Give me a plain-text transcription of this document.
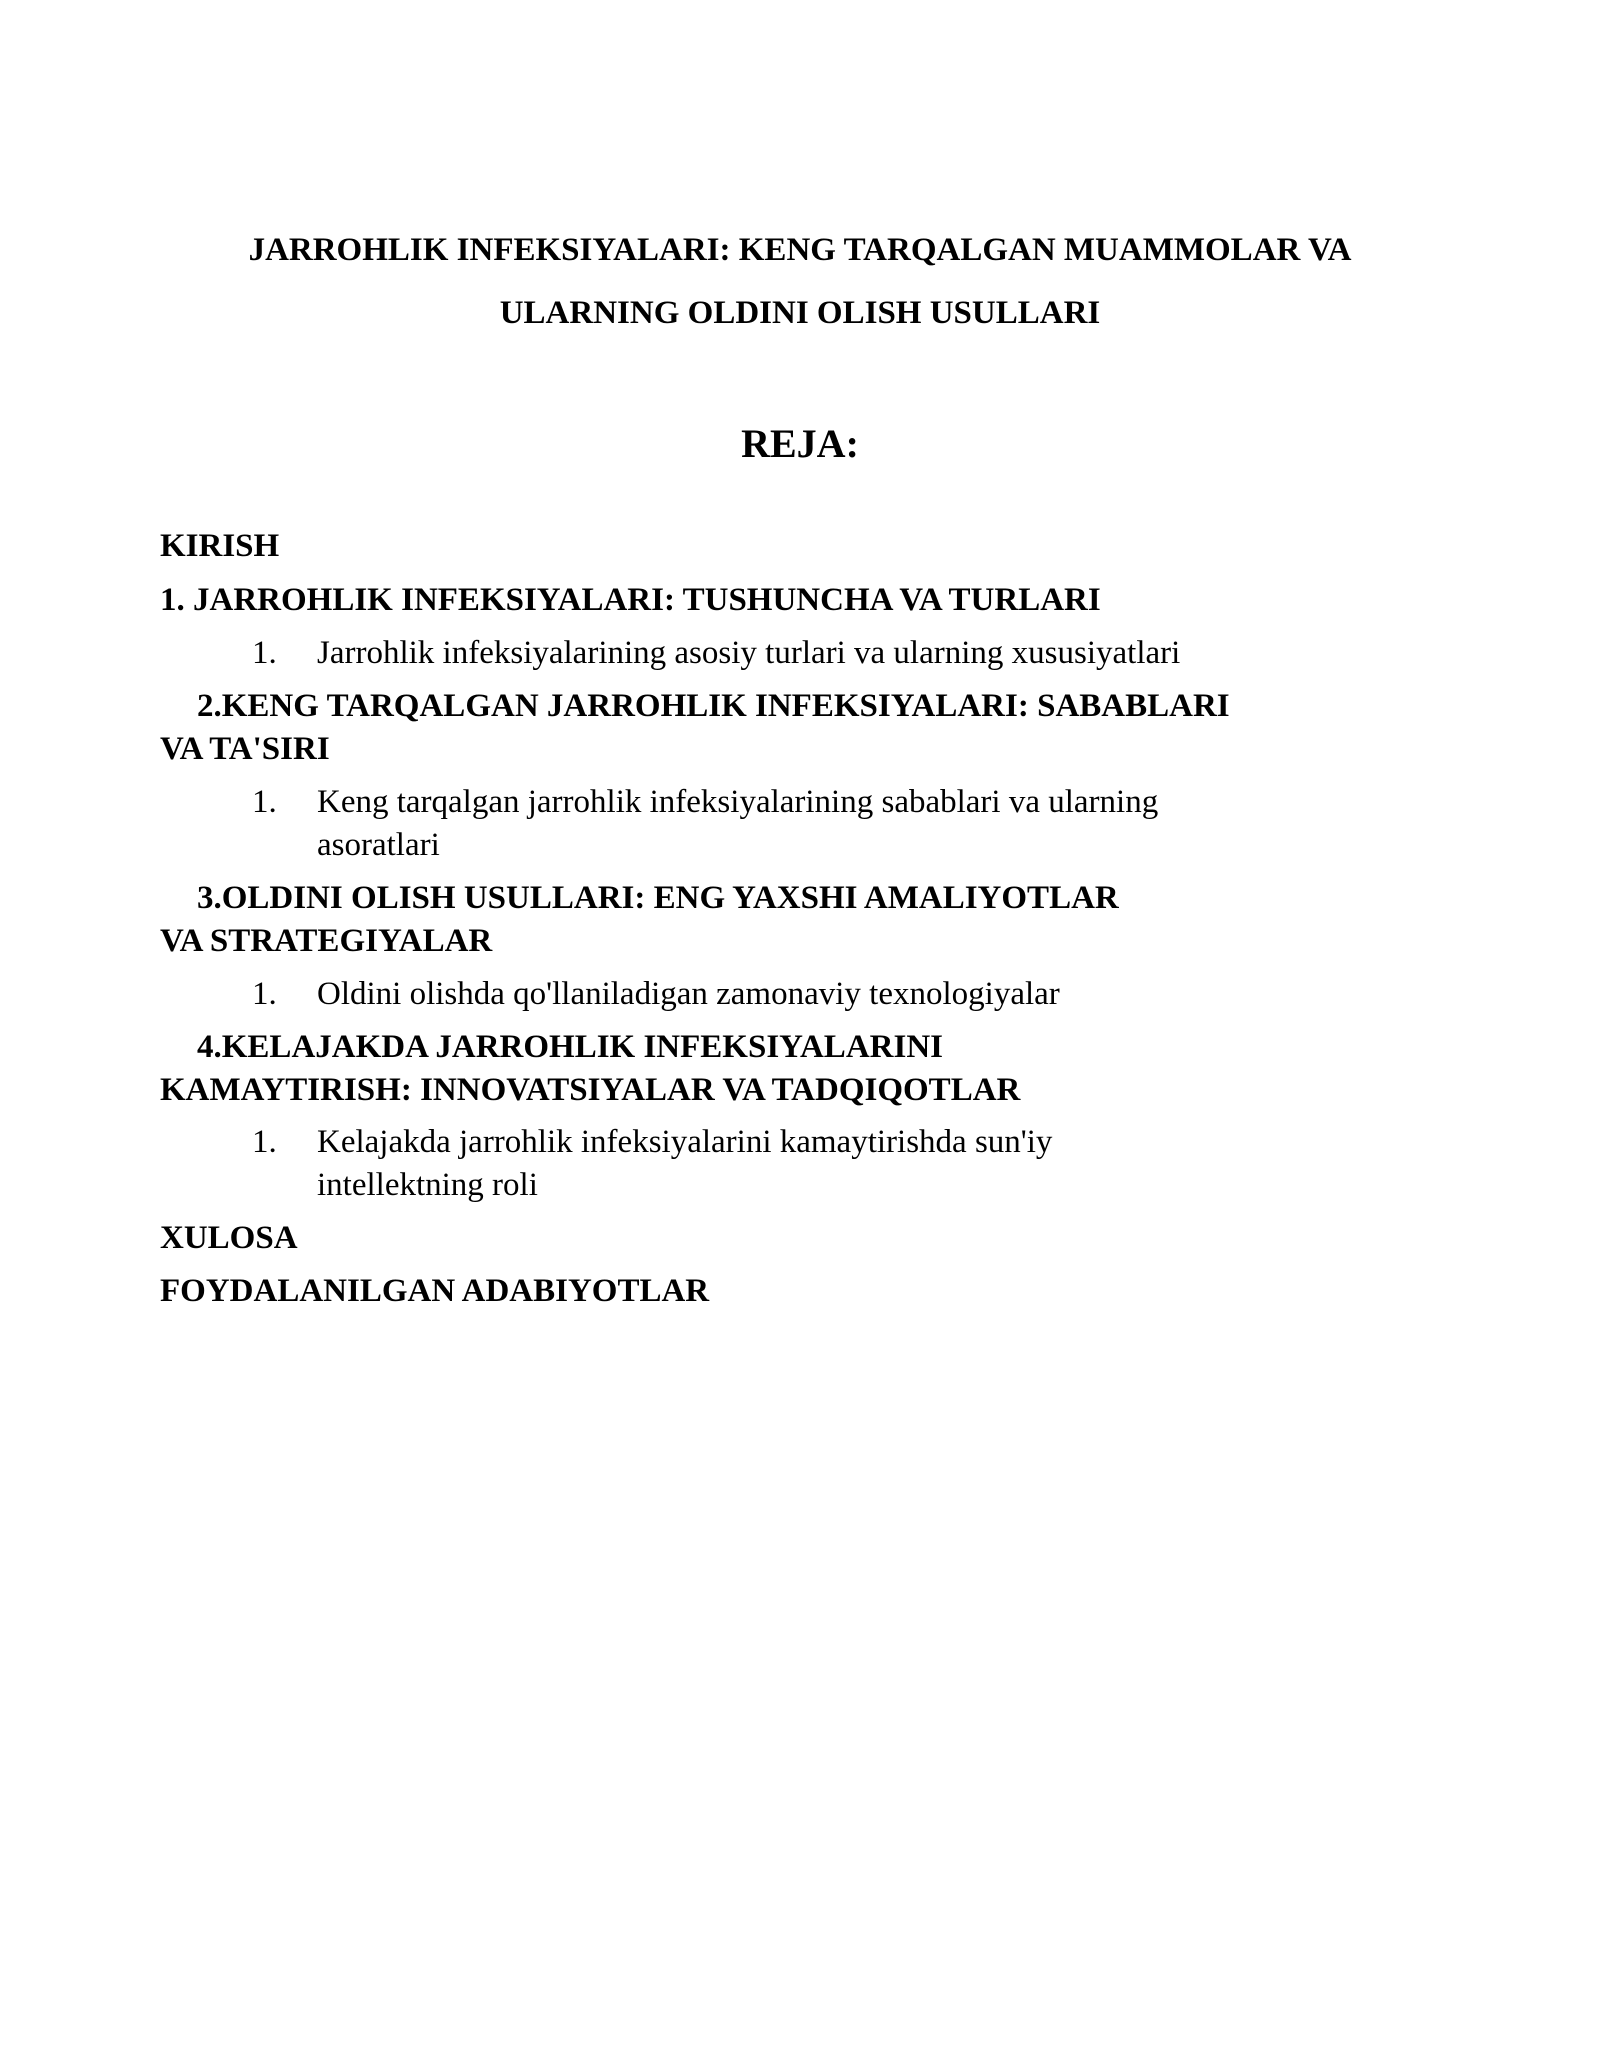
JARROHLIK INFEKSIYALARI: KENG TARQALGAN MUAMMOLAR VA
ULARNING OLDINI OLISH USULLARI
REJA:
KIRISH
1. JARROHLIK INFEKSIYALARI: TUSHUNCHA VA TURLARI
1. Jarrohlik infeksiyalarining asosiy turlari va ularning xususiyatlari
2.KENG TARQALGAN JARROHLIK INFEKSIYALARI: SABABLARI
VA TA'SIRI
1. Keng tarqalgan jarrohlik infeksiyalarining sabablari va ularning
asoratlari
3.OLDINI OLISH USULLARI: ENG YAXSHI AMALIYOTLAR
VA STRATEGIYALAR
1. Oldini olishda qo'llaniladigan zamonaviy texnologiyalar
4.KELAJAKDA JARROHLIK INFEKSIYALARINI
KAMAYTIRISH: INNOVATSIYALAR VA TADQIQOTLAR
1. Kelajakda jarrohlik infeksiyalarini kamaytirishda sun'iy
intellektning roli
XULOSA
FOYDALANILGAN ADABIYOTLAR
